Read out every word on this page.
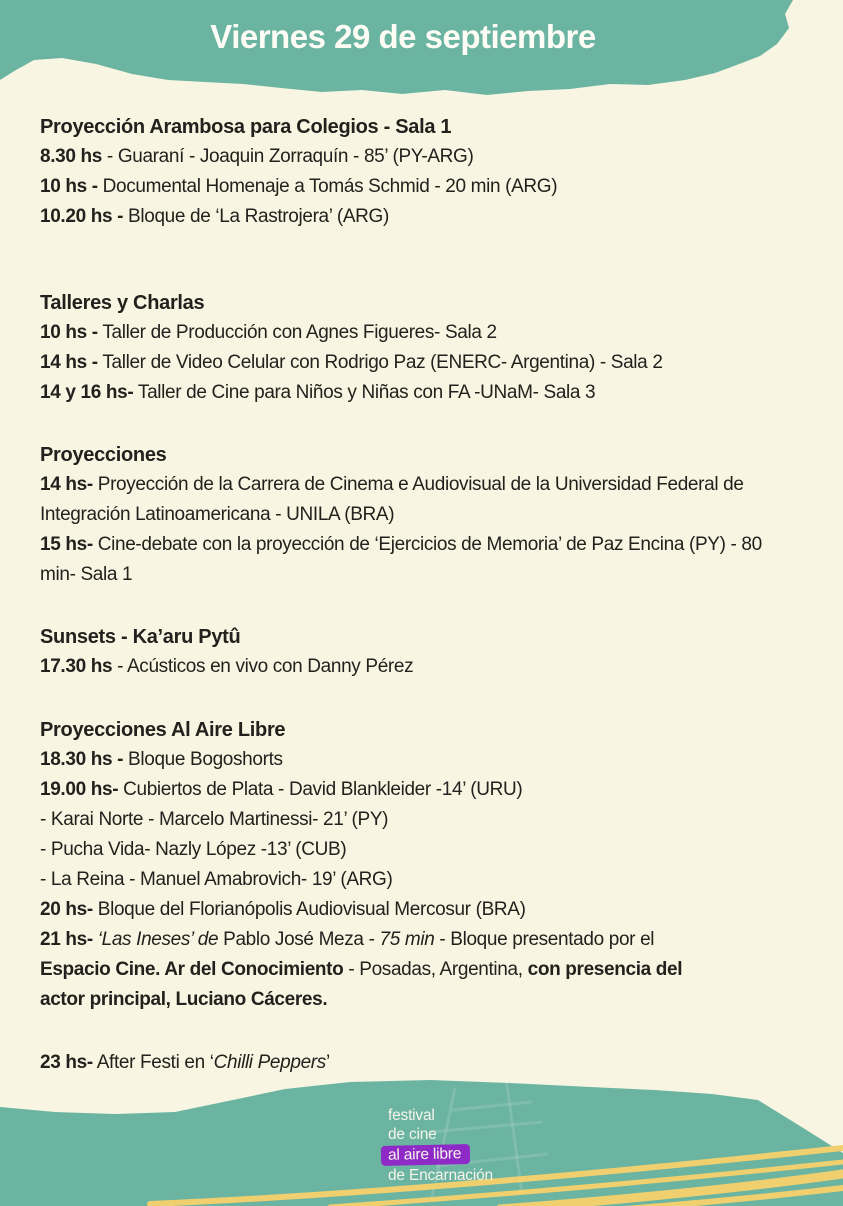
Viernes 29 de septiembre
Proyección Arambosa para Colegios - Sala 1

8.30 hs - Guaraní - Joaquin Zorraquín - 85’ (PY-ARG)

10 hs - Documental Homenaje a Tomás Schmid - 20 min (ARG)

10.20 hs - Bloque de ‘La Rastrojera’ (ARG)

Talleres y Charlas

10 hs - Taller de Producción con Agnes Figueres- Sala 2

14 hs - Taller de Video Celular con Rodrigo Paz (ENERC- Argentina) - Sala 2

14 y 16 hs- Taller de Cine para Niños y Niñas con FA -UNaM- Sala 3

Proyecciones

14 hs- Proyección de la Carrera de Cinema e Audiovisual de la Universidad Federal de

Integración Latinoamericana - UNILA (BRA)

15 hs- Cine-debate con la proyección de ‘Ejercicios de Memoria’ de Paz Encina (PY) - 80

min- Sala 1

Sunsets - Ka’aru Pytû

17.30 hs - Acústicos en vivo con Danny Pérez

Proyecciones Al Aire Libre

18.30 hs - Bloque Bogoshorts

19.00 hs- Cubiertos de Plata - David Blankleider -14’ (URU)

- Karai Norte - Marcelo Martinessi- 21’ (PY)

- Pucha Vida- Nazly López -13’ (CUB)

- La Reina - Manuel Amabrovich- 19’ (ARG)

20 hs- Bloque del Florianópolis Audiovisual Mercosur (BRA)

21 hs- ‘Las Ineses’ de Pablo José Meza - 75 min - Bloque presentado por el

Espacio Cine. Ar del Conocimiento - Posadas, Argentina, con presencia del

actor principal, Luciano Cáceres.

23 hs- After Festi en ‘Chilli Peppers’

festival
de cine
al aire libre
de Encarnación
